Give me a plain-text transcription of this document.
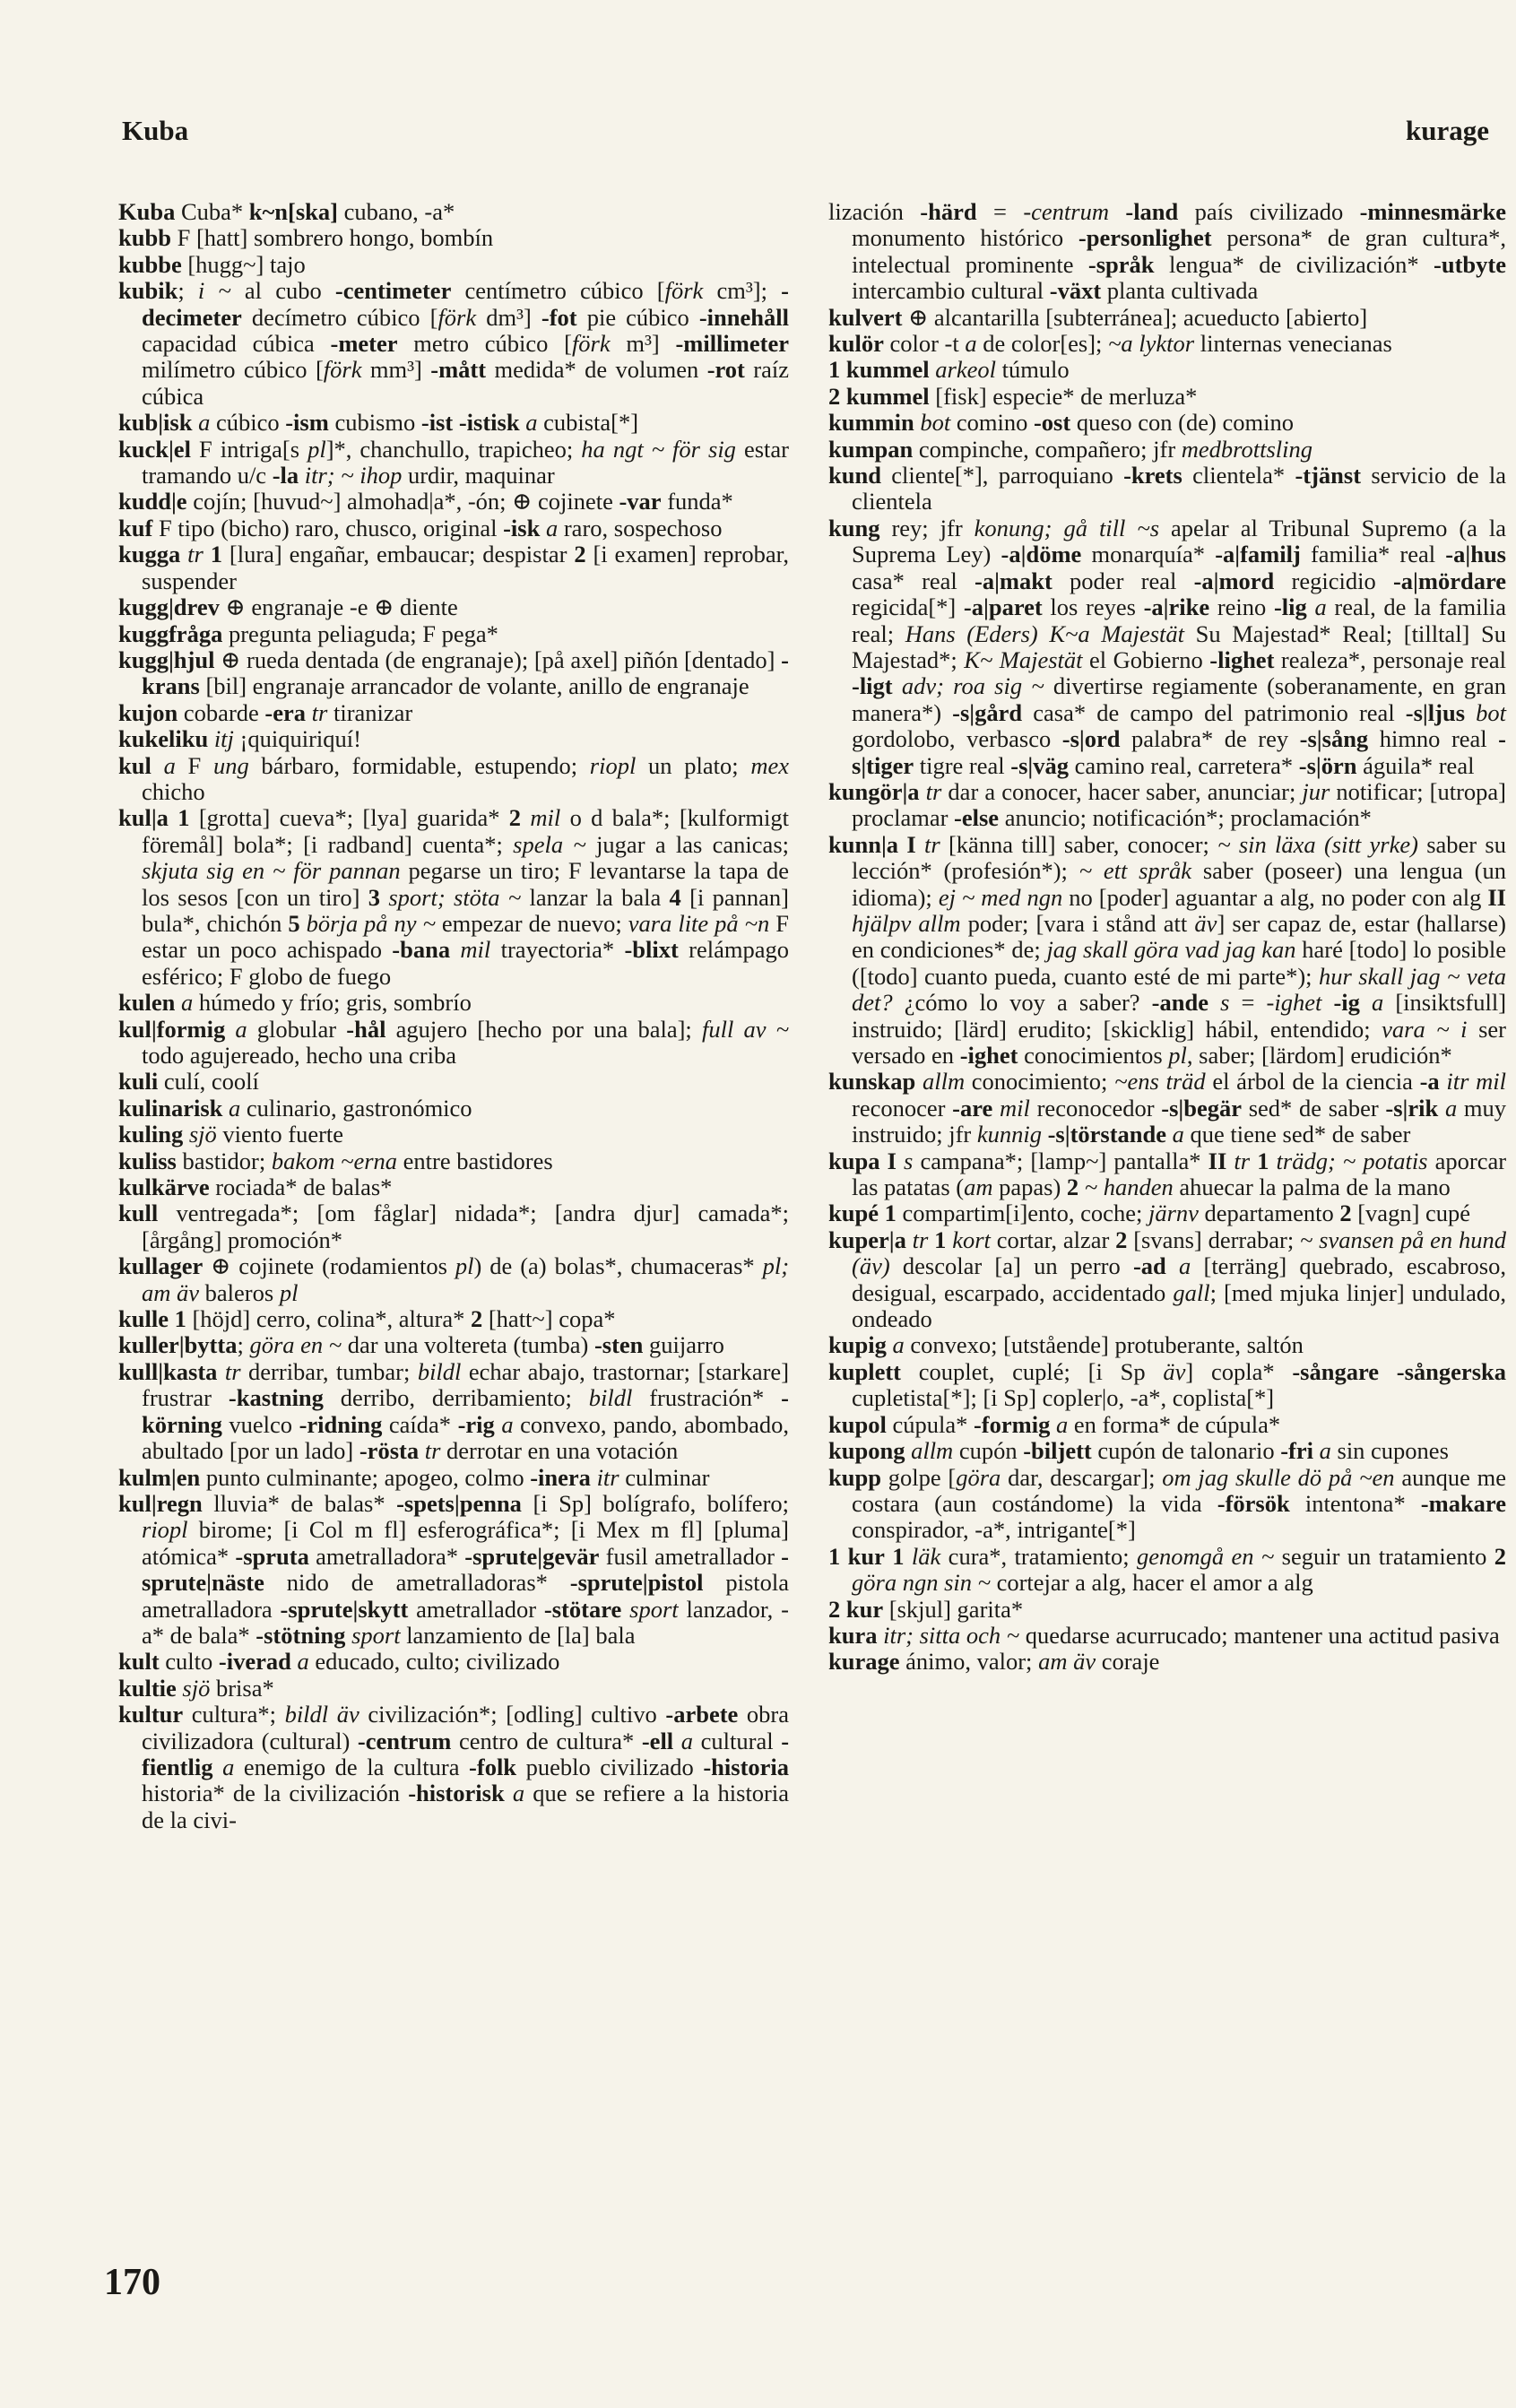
Kuba	kurage

Kuba Cuba* k~n[ska] cubano, -a*

kubb F [hatt] sombrero hongo, bombín

kubbe [hugg~] tajo

kubik; i ~ al cubo -centimeter centímetro cúbico [förk cm³]; -decimeter decímetro cúbico [förk dm³] -fot pie cúbico -innehåll capacidad cúbica -meter metro cúbico [förk m³] -millimeter milímetro cúbico [förk mm³] -mått medida* de volumen -rot raíz cúbica

kub|isk a cúbico -ism cubismo -ist -istisk a cubista[*]

kuck|el F intriga[s pl]*, chanchullo, trapicheo; ha ngt ~ för sig estar tramando u/c -la itr; ~ ihop urdir, maquinar

kudd|e cojín; [huvud~] almohad|a*, -ón; ⊕ cojinete -var funda*

kuf F tipo (bicho) raro, chusco, original -isk a raro, sospechoso

kugga tr 1 [lura] engañar, embaucar; despistar 2 [i examen] reprobar, suspender

kugg|drev ⊕ engranaje -e ⊕ diente

kuggfråga pregunta peliaguda; F pega*

kugg|hjul ⊕ rueda dentada (de engranaje); [på axel] piñón [dentado] -krans [bil] engranaje arrancador de volante, anillo de engranaje

kujon cobarde -era tr tiranizar

kukeliku itj ¡quiquiriquí!

kul a F ung bárbaro, formidable, estupendo; riopl un plato; mex chicho

kul|a 1 [grotta] cueva*; [lya] guarida* 2 mil o d bala*; [kulformigt föremål] bola*; [i radband] cuenta*; spela ~ jugar a las canicas; skjuta sig en ~ för pannan pegarse un tiro; F levantarse la tapa de los sesos [con un tiro] 3 sport; stöta ~ lanzar la bala 4 [i pannan] bula*, chichón 5 börja på ny ~ empezar de nuevo; vara lite på ~n F estar un poco achispado -bana mil trayectoria* -blixt relámpago esférico; F globo de fuego

kulen a húmedo y frío; gris, sombrío

kul|formig a globular -hål agujero [hecho por una bala]; full av ~ todo agujereado, hecho una criba

kuli culí, coolí

kulinarisk a culinario, gastronómico

kuling sjö viento fuerte

kuliss bastidor; bakom ~erna entre bastidores

kulkärve rociada* de balas*

kull ventregada*; [om fåglar] nidada*; [andra djur] camada*; [årgång] promoción*

kullager ⊕ cojinete (rodamientos pl) de (a) bolas*, chumaceras* pl; am äv baleros pl

kulle 1 [höjd] cerro, colina*, altura* 2 [hatt~] copa*

kuller|bytta; göra en ~ dar una voltereta (tumba) -sten guijarro

kull|kasta tr derribar, tumbar; bildl echar abajo, trastornar; [starkare] frustrar -kastning derribo, derribamiento; bildl frustración* -körning vuelco -ridning caída* -rig a convexo, pando, abombado, abultado [por un lado] -rösta tr derrotar en una votación

kulm|en punto culminante; apogeo, colmo -inera itr culminar

kul|regn lluvia* de balas* -spets|penna [i Sp] bolígrafo, bolífero; riopl birome; [i Col m fl] esferográfica*; [i Mex m fl] [pluma] atómica* -spruta ametralladora* -sprute|gevär fusil ametrallador -sprute|näste nido de ametralladoras* -sprute|pistol pistola ametralladora -sprute|skytt ametrallador -stötare sport lanzador, -a* de bala* -stötning sport lanzamiento de [la] bala

kult culto -iverad a educado, culto; civilizado

kultie sjö brisa*

kultur cultura*; bildl äv civilización*; [odling] cultivo -arbete obra civilizadora (cultural) -centrum centro de cultura* -ell a cultural -fientlig a enemigo de la cultura -folk pueblo civilizado -historia historia* de la civilización -historisk a que se refiere a la historia de la civi-

lización -härd = -centrum -land país civilizado -minnesmärke monumento histórico -personlighet persona* de gran cultura*, intelectual prominente -språk lengua* de civilización* -utbyte intercambio cultural -växt planta cultivada

kulvert ⊕ alcantarilla [subterránea]; acueducto [abierto]

kulör color -t a de color[es]; ~a lyktor linternas venecianas

1 kummel arkeol túmulo

2 kummel [fisk] especie* de merluza*

kummin bot comino -ost queso con (de) comino

kumpan compinche, compañero; jfr medbrottsling

kund cliente[*], parroquiano -krets clientela* -tjänst servicio de la clientela

kung rey; jfr konung; gå till ~s apelar al Tribunal Supremo (a la Suprema Ley) -a|döme monarquía* -a|familj familia* real -a|hus casa* real -a|makt poder real -a|mord regicidio -a|mördare regicida[*] -a|paret los reyes -a|rike reino -lig a real, de la familia real; Hans (Eders) K~a Majestät Su Majestad* Real; [tilltal] Su Majestad*; K~ Majestät el Gobierno -lighet realeza*, personaje real -ligt adv; roa sig ~ divertirse regiamente (soberanamente, en gran manera*) -s|gård casa* de campo del patrimonio real -s|ljus bot gordolobo, verbasco -s|ord palabra* de rey -s|sång himno real -s|tiger tigre real -s|väg camino real, carretera* -s|örn águila* real

kungör|a tr dar a conocer, hacer saber, anunciar; jur notificar; [utropa] proclamar -else anuncio; notificación*; proclamación*

kunn|a I tr [känna till] saber, conocer; ~ sin läxa (sitt yrke) saber su lección* (profesión*); ~ ett språk saber (poseer) una lengua (un idioma); ej ~ med ngn no [poder] aguantar a alg, no poder con alg II hjälpv allm poder; [vara i stånd att äv] ser capaz de, estar (hallarse) en condiciones* de; jag skall göra vad jag kan haré [todo] lo posible ([todo] cuanto pueda, cuanto esté de mi parte*); hur skall jag ~ veta det? ¿cómo lo voy a saber? -ande s = -ighet -ig a [insiktsfull] instruido; [lärd] erudito; [skicklig] hábil, entendido; vara ~ i ser versado en -ighet conocimientos pl, saber; [lärdom] erudición*

kunskap allm conocimiento; ~ens träd el árbol de la ciencia -a itr mil reconocer -are mil reconocedor -s|begär sed* de saber -s|rik a muy instruido; jfr kunnig -s|törstande a que tiene sed* de saber

kupa I s campana*; [lamp~] pantalla* II tr 1 trädg; ~ potatis aporcar las patatas (am papas) 2 ~ handen ahuecar la palma de la mano

kupé 1 compartim[i]ento, coche; järnv departamento 2 [vagn] cupé

kuper|a tr 1 kort cortar, alzar 2 [svans] derrabar; ~ svansen på en hund (äv) descolar [a] un perro -ad a [terräng] quebrado, escabroso, desigual, escarpado, accidentado gall; [med mjuka linjer] undulado, ondeado

kupig a convexo; [utstående] protuberante, saltón

kuplett couplet, cuplé; [i Sp äv] copla* -sångare -sångerska cupletista[*]; [i Sp] copler|o, -a*, coplista[*]

kupol cúpula* -formig a en forma* de cúpula*

kupong allm cupón -biljett cupón de talonario -fri a sin cupones

kupp golpe [göra dar, descargar]; om jag skulle dö på ~en aunque me costara (aun costándome) la vida -försök intentona* -makare conspirador, -a*, intrigante[*]

1 kur 1 läk cura*, tratamiento; genomgå en ~ seguir un tratamiento 2 göra ngn sin ~ cortejar a alg, hacer el amor a alg

2 kur [skjul] garita*

kura itr; sitta och ~ quedarse acurrucado; mantener una actitud pasiva

kurage ánimo, valor; am äv coraje

170
